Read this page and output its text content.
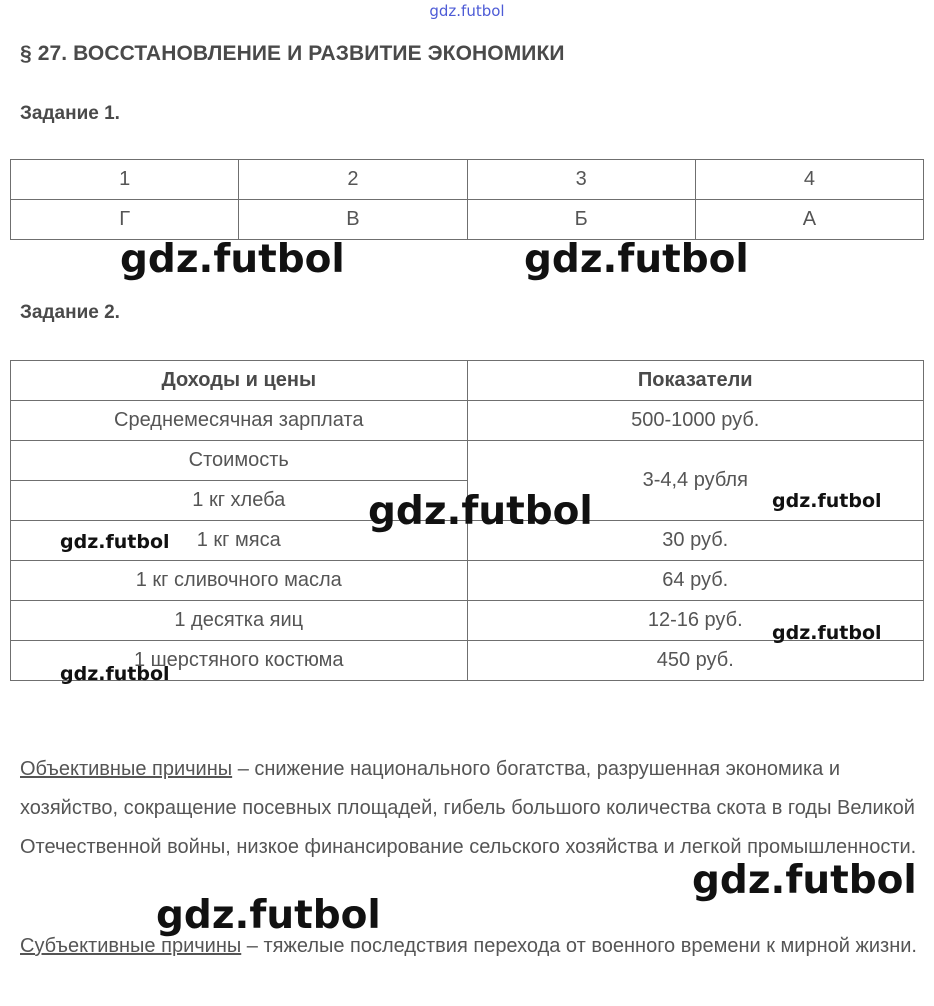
gdz.futbol
§ 27. ВОССТАНОВЛЕНИЕ И РАЗВИТИЕ ЭКОНОМИКИ
Задание 1.
1	2	3	4
Г	В	Б	А
Задание 2.
Доходы и цены	Показатели
Среднемесячная зарплата	500-1000 руб.
Стоимость	3-4,4 рубля
1 кг хлеба	
1 кг мяса	30 руб.
1 кг сливочного масла	64 руб.
1 десятка яиц	12-16 руб.
1 шерстяного костюма	450 руб.
Объективные причины – снижение национального богатства, разрушенная экономика и хозяйство, сокращение посевных площадей, гибель большого количества скота в годы Великой Отечественной войны, низкое финансирование сельского хозяйства и легкой промышленности.
Субъективные причины – тяжелые последствия перехода от военного времени к мирной жизни.
gdz.futbol	gdz.futbol
gdz.futbol	gdz.futbol
gdz.futbol
gdz.futbol
gdz.futbol
gdz.futbol
gdz.futbol
